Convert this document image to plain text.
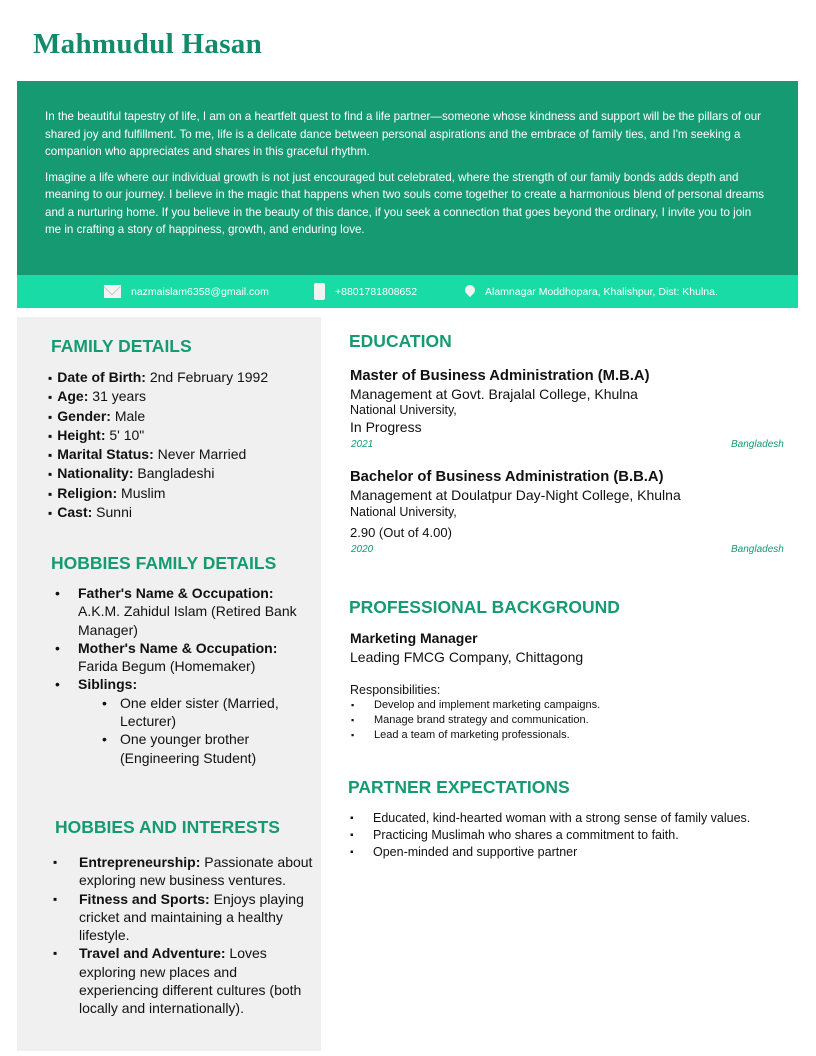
Mahmudul Hasan

In the beautiful tapestry of life, I am on a heartfelt quest to find a life partner—someone whose kindness and support will be the pillars of our shared joy and fulfillment. To me, life is a delicate dance between personal aspirations and the embrace of family ties, and I'm seeking a companion who appreciates and shares in this graceful rhythm.

Imagine a life where our individual growth is not just encouraged but celebrated, where the strength of our family bonds adds depth and meaning to our journey. I believe in the magic that happens when two souls come together to create a harmonious blend of personal dreams and a nurturing home. If you believe in the beauty of this dance, if you seek a connection that goes beyond the ordinary, I invite you to join me in crafting a story of happiness, growth, and enduring love.

nazmaislam6358@gmail.com	+8801781808652	Alamnagar Moddhopara, Khalishpur, Dist: Khulna.
FAMILY DETAILS
▪ Date of Birth: 2nd February 1992
▪ Age: 31 years
▪ Gender: Male
▪ Height: 5' 10"
▪ Marital Status: Never Married
▪ Nationality: Bangladeshi
▪ Religion: Muslim
▪ Cast: Sunni
HOBBIES FAMILY DETAILS
• Father's Name & Occupation:
A.K.M. Zahidul Islam (Retired Bank Manager)
• Mother's Name & Occupation:
Farida Begum (Homemaker)
• Siblings:
• One elder sister (Married, Lecturer)
• One younger brother (Engineering Student)
HOBBIES AND INTERESTS
▪ Entrepreneurship: Passionate about exploring new business ventures.
▪ Fitness and Sports: Enjoys playing cricket and maintaining a healthy lifestyle.
▪ Travel and Adventure: Loves exploring new places and experiencing different cultures (both locally and internationally).
EDUCATION
Master of Business Administration (M.B.A)
Management at Govt. Brajalal College, Khulna
National University,
In Progress
2021	Bangladesh
Bachelor of Business Administration (B.B.A)
Management at Doulatpur Day-Night College, Khulna
National University,
2.90 (Out of 4.00)
2020	Bangladesh
PROFESSIONAL BACKGROUND
Marketing Manager
Leading FMCG Company, Chittagong
Responsibilities:
▪ Develop and implement marketing campaigns.
▪ Manage brand strategy and communication.
▪ Lead a team of marketing professionals.
PARTNER EXPECTATIONS
▪ Educated, kind-hearted woman with a strong sense of family values.
▪ Practicing Muslimah who shares a commitment to faith.
▪ Open-minded and supportive partner
